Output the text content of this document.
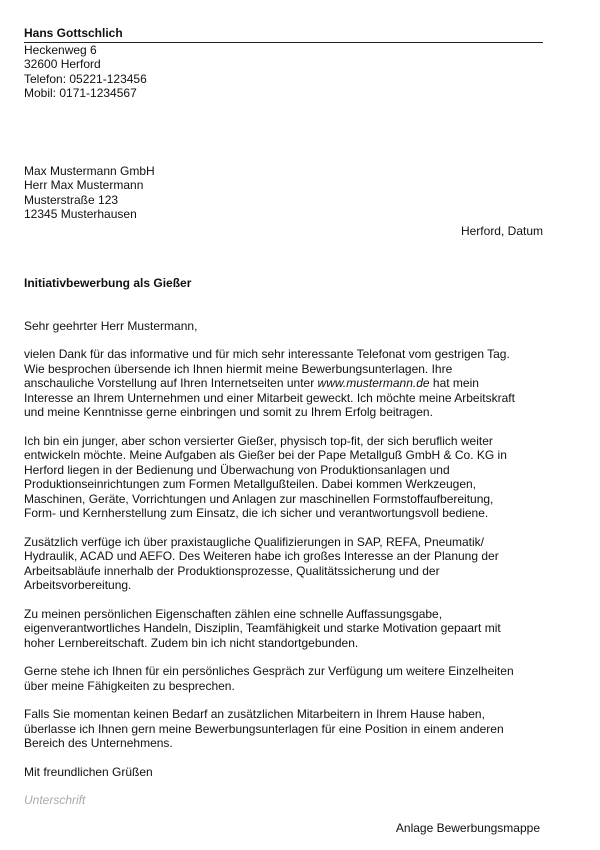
Hans Gottschlich
Heckenweg 6
32600 Herford
Telefon: 05221-123456
Mobil: 0171-1234567
Max Mustermann GmbH
Herr Max Mustermann
Musterstraße 123
12345 Musterhausen
Herford, Datum
Initiativbewerbung als Gießer
Sehr geehrter Herr Mustermann,
vielen Dank für das informative und für mich sehr interessante Telefonat vom gestrigen Tag.
Wie besprochen übersende ich Ihnen hiermit meine Bewerbungsunterlagen. Ihre
anschauliche Vorstellung auf Ihren Internetseiten unter www.mustermann.de hat mein
Interesse an Ihrem Unternehmen und einer Mitarbeit geweckt. Ich möchte meine Arbeitskraft
und meine Kenntnisse gerne einbringen und somit zu Ihrem Erfolg beitragen.
Ich bin ein junger, aber schon versierter Gießer, physisch top-fit, der sich beruflich weiter
entwickeln möchte. Meine Aufgaben als Gießer bei der Pape Metallguß GmbH & Co. KG in
Herford liegen in der Bedienung und Überwachung von Produktionsanlagen und
Produktionseinrichtungen zum Formen Metallgußteilen. Dabei kommen Werkzeugen,
Maschinen, Geräte, Vorrichtungen und Anlagen zur maschinellen Formstoffaufbereitung,
Form- und Kernherstellung zum Einsatz, die ich sicher und verantwortungsvoll bediene.
Zusätzlich verfüge ich über praxistaugliche Qualifizierungen in SAP, REFA, Pneumatik/
Hydraulik, ACAD und AEFO. Des Weiteren habe ich großes Interesse an der Planung der
Arbeitsabläufe innerhalb der Produktionsprozesse, Qualitätssicherung und der
Arbeitsvorbereitung.
Zu meinen persönlichen Eigenschaften zählen eine schnelle Auffassungsgabe,
eigenverantwortliches Handeln, Disziplin, Teamfähigkeit und starke Motivation gepaart mit
hoher Lernbereitschaft. Zudem bin ich nicht standortgebunden.
Gerne stehe ich Ihnen für ein persönliches Gespräch zur Verfügung um weitere Einzelheiten
über meine Fähigkeiten zu besprechen.
Falls Sie momentan keinen Bedarf an zusätzlichen Mitarbeitern in Ihrem Hause haben,
überlasse ich Ihnen gern meine Bewerbungsunterlagen für eine Position in einem anderen
Bereich des Unternehmens.
Mit freundlichen Grüßen
Unterschrift
Anlage Bewerbungsmappe
